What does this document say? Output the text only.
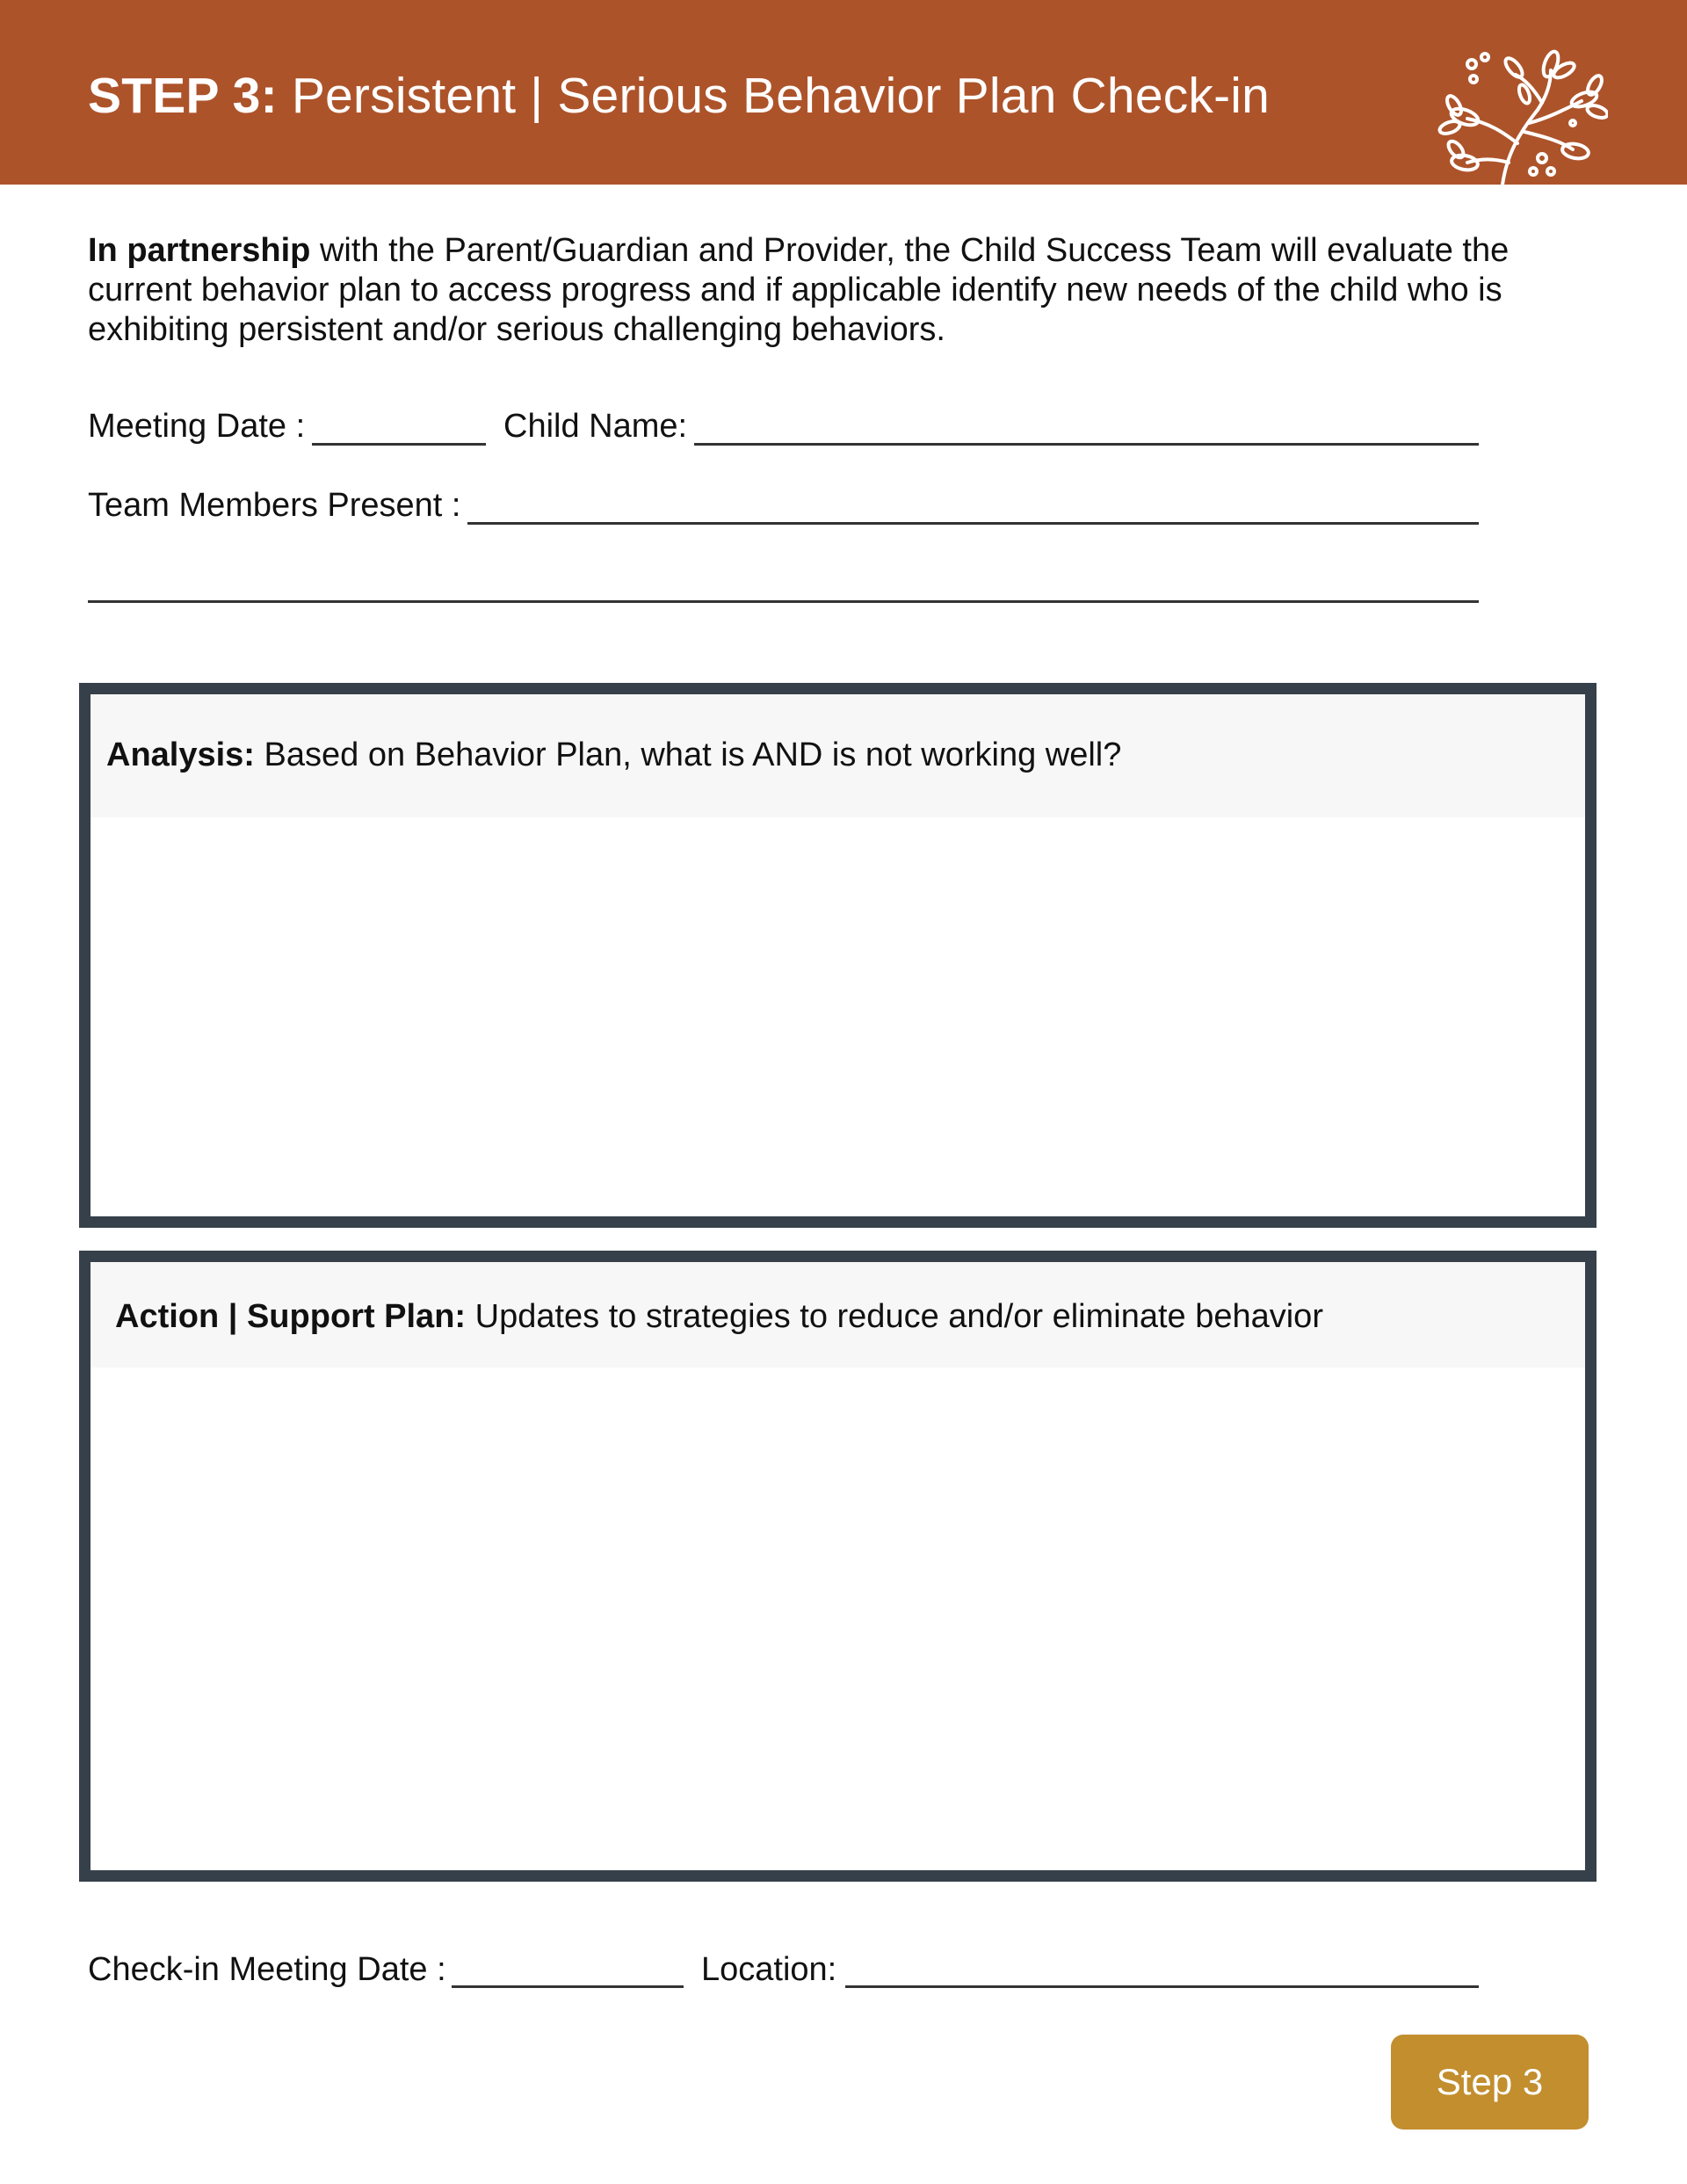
STEP 3: Persistent | Serious Behavior Plan Check-in
In partnership with the Parent/Guardian and Provider, the Child Success Team will evaluate the current behavior plan to access progress and if applicable identify new needs of the child who is exhibiting persistent and/or serious challenging behaviors.
Meeting Date :	Child Name:
Team Members Present :
Analysis: Based on Behavior Plan, what is AND is not working well?
Action | Support Plan: Updates to strategies to reduce and/or eliminate behavior
Check-in Meeting Date :	Location:
Step 3
